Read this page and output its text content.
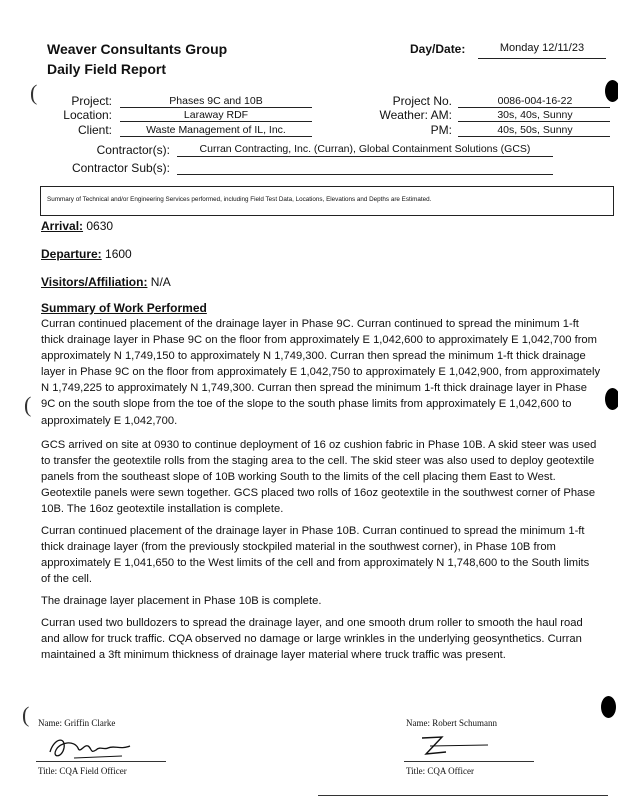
Weaver Consultants Group
Daily Field Report
Day/Date:	Monday 12/11/23
Project:	Phases 9C and 10B
Location:	Laraway RDF
Client:	Waste Management of IL, Inc.
Project No.	0086-004-16-22
Weather: AM:	30s, 40s, Sunny
PM:	40s, 50s, Sunny
Contractor(s):	Curran Contracting, Inc. (Curran), Global Containment Solutions (GCS)
Contractor Sub(s):
Summary of Technical and/or Engineering Services performed, including Field Test Data, Locations, Elevations and Depths are Estimated.
Arrival: 0630
Departure: 1600
Visitors/Affiliation: N/A
Summary of Work Performed
Curran continued placement of the drainage layer in Phase 9C. Curran continued to spread the minimum 1-ft thick drainage layer in Phase 9C on the floor from approximately E 1,042,600 to approximately E 1,042,700 from approximately N 1,749,150 to approximately N 1,749,300. Curran then spread the minimum 1-ft thick drainage layer in Phase 9C on the floor from approximately E 1,042,750 to approximately E 1,042,900, from approximately N 1,749,225 to approximately N 1,749,300. Curran then spread the minimum 1-ft thick drainage layer in Phase 9C on the south slope from the toe of the slope to the south phase limits from approximately E 1,042,600 to approximately E 1,042,700.
GCS arrived on site at 0930 to continue deployment of 16 oz cushion fabric in Phase 10B. A skid steer was used to transfer the geotextile rolls from the staging area to the cell. The skid steer was also used to deploy geotextile panels from the southeast slope of 10B working South to the limits of the cell placing them East to West. Geotextile panels were sewn together. GCS placed two rolls of 16oz geotextile in the southwest corner of Phase 10B. The 16oz geotextile installation is complete.
Curran continued placement of the drainage layer in Phase 10B. Curran continued to spread the minimum 1-ft thick drainage layer (from the previously stockpiled material in the southwest corner), in Phase 10B from approximately E 1,041,650 to the West limits of the cell and from approximately N 1,748,600 to the South limits of the cell.
The drainage layer placement in Phase 10B is complete.
Curran used two bulldozers to spread the drainage layer, and one smooth drum roller to smooth the haul road and allow for truck traffic. CQA observed no damage or large wrinkles in the underlying geosynthetics. Curran maintained a 3ft minimum thickness of drainage layer material where truck traffic was present.
Name: Griffin Clarke
Title: CQA Field Officer
Name: Robert Schumann
Title: CQA Officer
(
(
(
